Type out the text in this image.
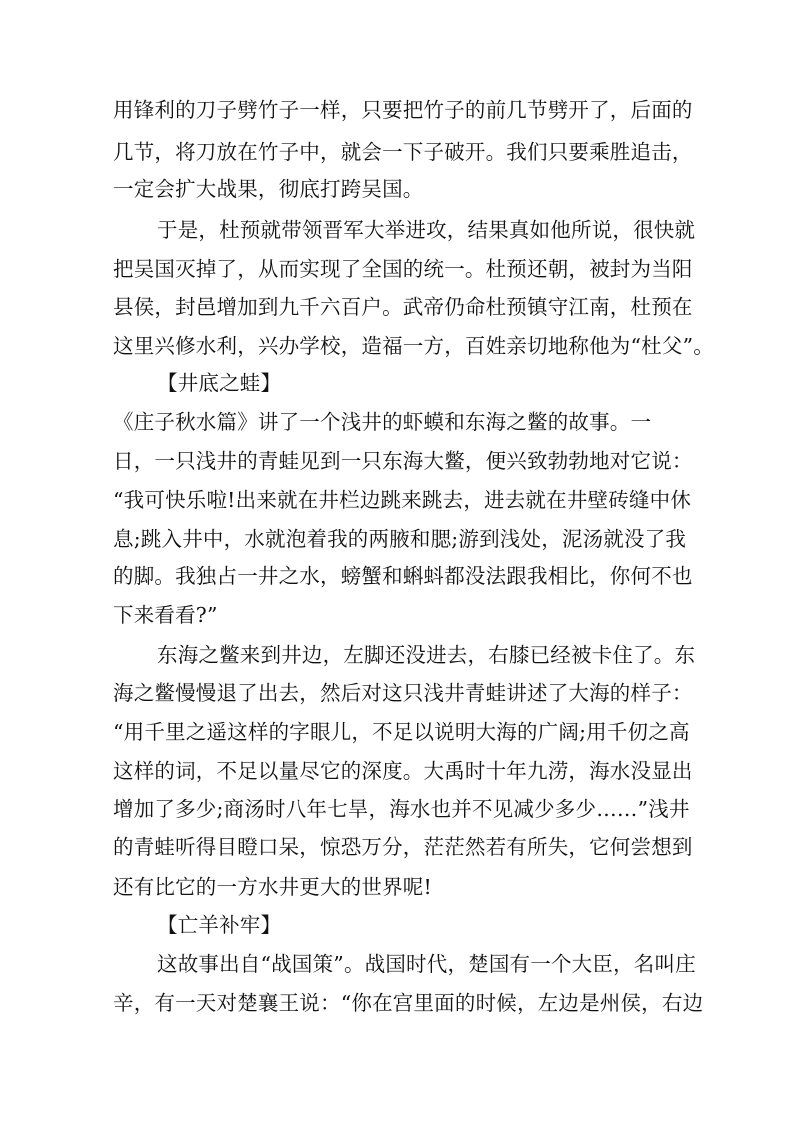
用锋利的刀子劈竹子一样，只要把竹子的前几节劈开了，后面的
几节，将刀放在竹子中，就会一下子破开。我们只要乘胜追击，
一定会扩大战果，彻底打跨吴国。
于是，杜预就带领晋军大举进攻，结果真如他所说，很快就
把吴国灭掉了，从而实现了全国的统一。杜预还朝，被封为当阳
县侯，封邑增加到九千六百户。武帝仍命杜预镇守江南，杜预在
这里兴修水利，兴办学校，造福一方，百姓亲切地称他为“杜父”。
【井底之蛙】
《庄子秋水篇》讲了一个浅井的虾蟆和东海之鳖的故事。一
日，一只浅井的青蛙见到一只东海大鳖，便兴致勃勃地对它说：
“我可快乐啦!出来就在井栏边跳来跳去，进去就在井壁砖缝中休
息;跳入井中，水就泡着我的两腋和腮;游到浅处，泥汤就没了我
的脚。我独占一井之水，螃蟹和蝌蚪都没法跟我相比，你何不也
下来看看?”
东海之鳖来到井边，左脚还没进去，右膝已经被卡住了。东
海之鳖慢慢退了出去，然后对这只浅井青蛙讲述了大海的样子：
“用千里之遥这样的字眼儿，不足以说明大海的广阔;用千仞之高
这样的词，不足以量尽它的深度。大禹时十年九涝，海水没显出
增加了多少;商汤时八年七旱，海水也并不见减少多少……”浅井
的青蛙听得目瞪口呆，惊恐万分，茫茫然若有所失，它何尝想到
还有比它的一方水井更大的世界呢!
【亡羊补牢】
这故事出自“战国策”。战国时代，楚国有一个大臣，名叫庄
辛，有一天对楚襄王说：“你在宫里面的时候，左边是州侯，右边
